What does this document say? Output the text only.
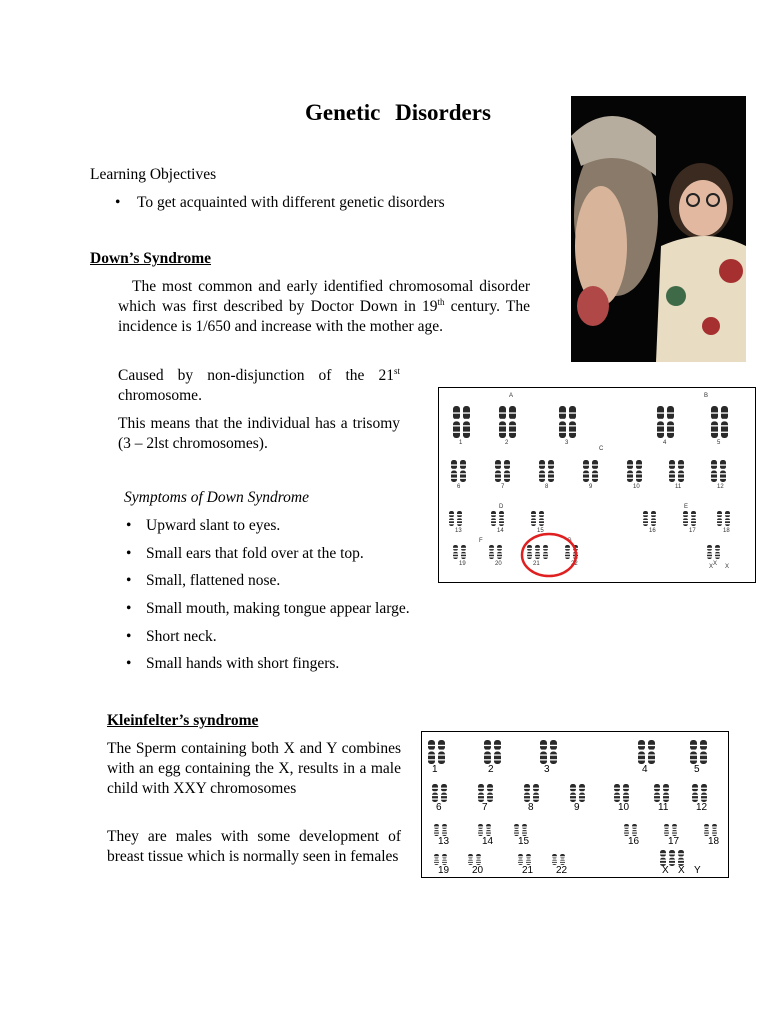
Genetic Disorders
Learning Objectives
• To get acquainted with different genetic disorders
Down’s Syndrome
The most common and early identified chromosomal disorder which was first described by Doctor Down in 19th century. The incidence is 1/650 and increase with the mother age.
Caused by non-disjunction of the 21st chromosome.
This means that the individual has a trisomy (3 – 2lst chromosomes).
Symptoms of Down Syndrome
• Upward slant to eyes.
• Small ears that fold over at the top.
• Small, flattened nose.
• Small mouth, making tongue appear large.
• Short neck.
• Small hands with short fingers.
1	2	3	4	5
6	7	8	9	10	11	12
13	14	15	16	17	18
19	20	21	22	X
X X
A	B
C
D	E
F	G
Kleinfelter’s syndrome
The Sperm containing both X and Y combines with an egg containing the X, results in a male child with XXY chromosomes
They are males with some development of breast tissue which is normally seen in females
1	2	3	4	5
6	7	8	9	10	11	12
13	14 15	16	17	18
19 20	21 22	X X Y
